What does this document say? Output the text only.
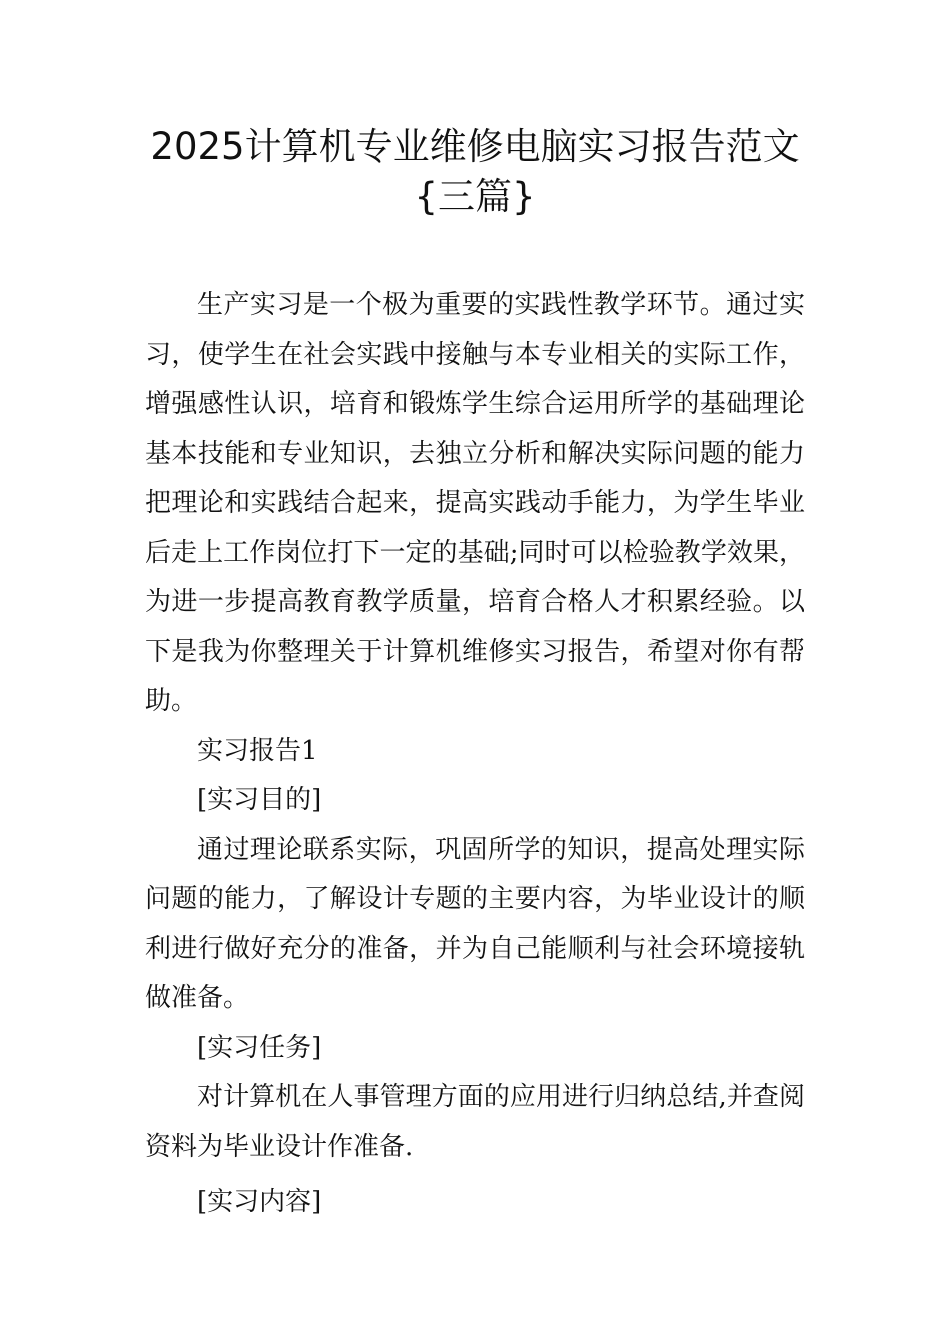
2025计算机专业维修电脑实习报告范文
{三篇}

生产实习是一个极为重要的实践性教学环节。通过实习，使学生在社会实践中接触与本专业相关的实际工作，增强感性认识，培育和锻炼学生综合运用所学的基础理论基本技能和专业知识，去独立分析和解决实际问题的能力把理论和实践结合起来，提高实践动手能力，为学生毕业后走上工作岗位打下一定的基础;同时可以检验教学效果，为进一步提高教育教学质量，培育合格人才积累经验。以下是我为你整理关于计算机维修实习报告，希望对你有帮助。

实习报告1

[实习目的]

通过理论联系实际，巩固所学的知识，提高处理实际问题的能力，了解设计专题的主要内容，为毕业设计的顺利进行做好充分的准备，并为自己能顺利与社会环境接轨做准备。

[实习任务]

对计算机在人事管理方面的应用进行归纳总结,并查阅资料为毕业设计作准备.

[实习内容]
